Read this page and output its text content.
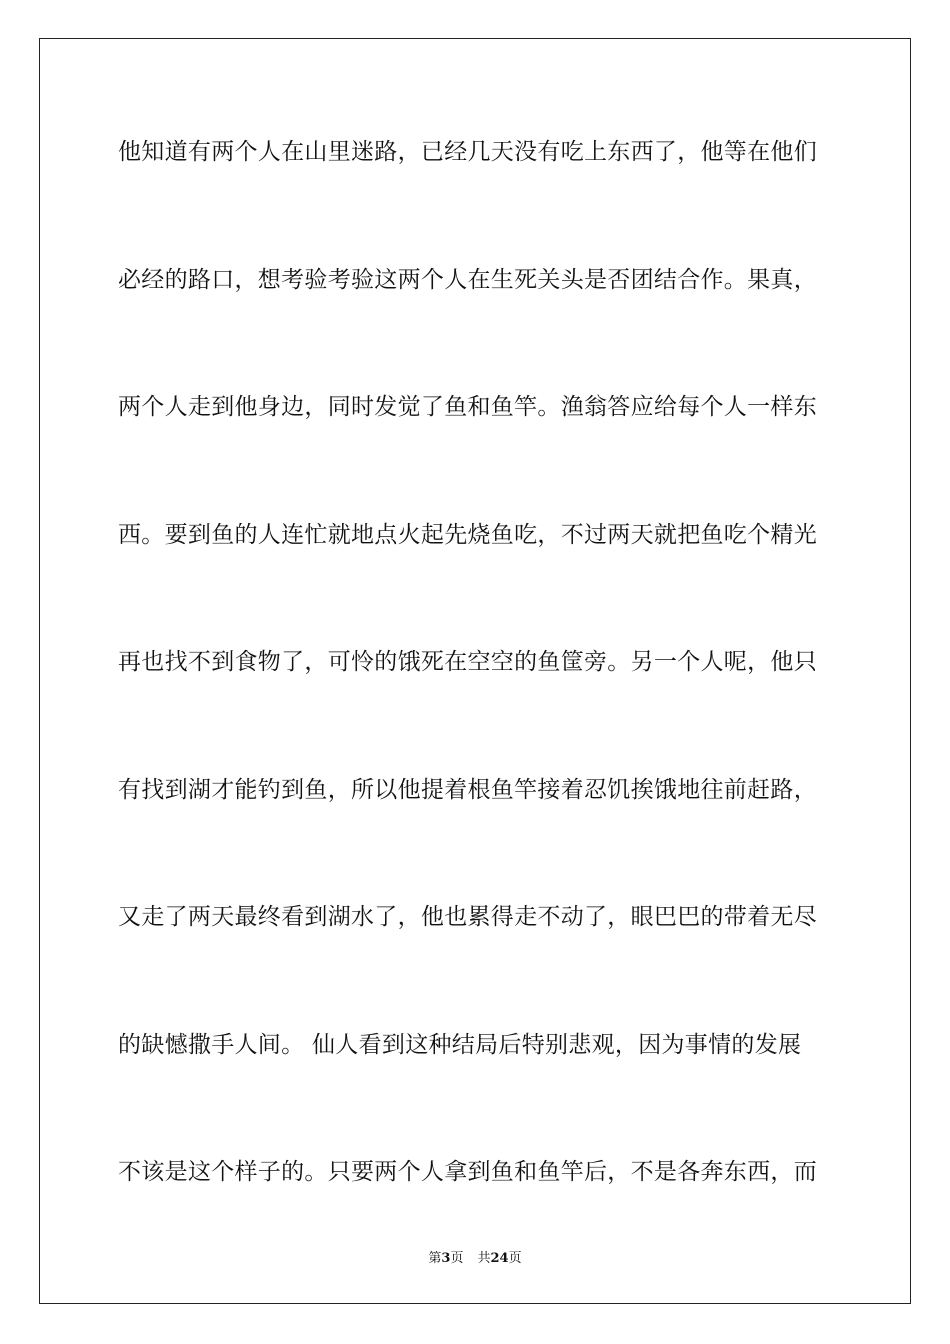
他知道有两个人在山里迷路，已经几天没有吃上东西了，他等在他们
必经的路口，想考验考验这两个人在生死关头是否团结合作。果真，
两个人走到他身边，同时发觉了鱼和鱼竿。渔翁答应给每个人一样东
西。要到鱼的人连忙就地点火起先烧鱼吃，不过两天就把鱼吃个精光
再也找不到食物了，可怜的饿死在空空的鱼筐旁。另一个人呢，他只
有找到湖才能钓到鱼，所以他提着根鱼竿接着忍饥挨饿地往前赶路，
又走了两天最终看到湖水了，他也累得走不动了，眼巴巴的带着无尽
的缺憾撒手人间。 仙人看到这种结局后特别悲观，因为事情的发展
不该是这个样子的。只要两个人拿到鱼和鱼竿后，不是各奔东西，而
第3页 共24页
